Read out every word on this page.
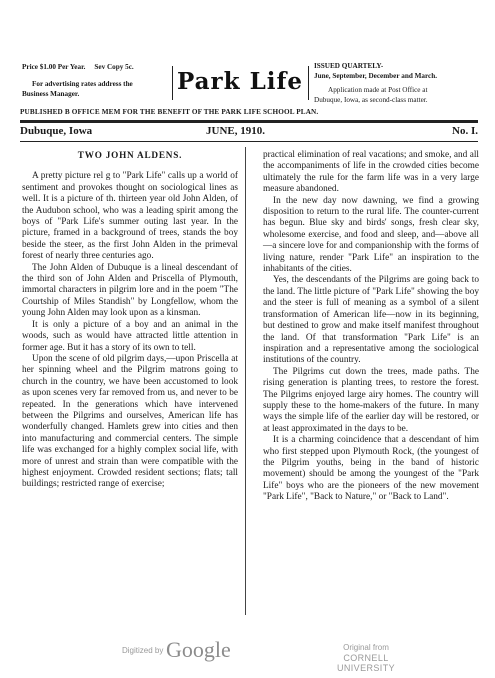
Price $1.00 Per Year. Sev Copy 5c.
For advertising rates address the
Business Manager.	Park Life
ISSUED QUARTELY-
June, September, December and March.
Application made at Post Office at
Dubuque, Iowa, as second-class matter.
PUBLISHED B OFFICE MEM FOR THE BENEFIT OF THE PARK LIFE SCHOOL PLAN.
Dubuque, Iowa	JUNE, 1910.	No. I.
TWO JOHN ALDENS.

A pretty picture rel g to "Park Life" calls up a world of sentiment and provokes thought on sociological lines as well. It is a picture of th. thirteen year old John Alden, of the Audubon school, who was a leading spirit among the boys of "Park Life's summer outing last year. In the picture, framed in a background of trees, stands the boy beside the steer, as the first John Alden in the primeval forest of nearly three centuries ago.

The John Alden of Dubuque is a lineal descendant of the third son of John Alden and Priscella of Plymouth, immortal characters in pilgrim lore and in the poem "The Courtship of Miles Standish" by Longfellow, whom the young John Alden may look upon as a kinsman.

It is only a picture of a boy and an animal in the woods, such as would have attracted little attention in former age. But it has a story of its own to tell.

Upon the scene of old pilgrim days,—upon Priscella at her spinning wheel and the Pilgrim matrons going to church in the country, we have been accustomed to look as upon scenes very far removed from us, and never to be repeated. In the generations which have intervened between the Pilgrims and ourselves, American life has wonderfully changed. Hamlets grew into cities and then into manufacturing and commercial centers. The simple life was exchanged for a highly complex social life, with more of unrest and strain than were compatible with the highest enjoyment. Crowded resident sections; flats; tall buildings; restricted range of exercise;

practical elimination of real vacations; and smoke, and all the accompaniments of life in the crowded cities become ultimately the rule for the farm life was in a very large measure abandoned.

In the new day now dawning, we find a growing disposition to return to the rural life. The counter-current has begun. Blue sky and birds' songs, fresh clear sky, wholesome exercise, and food and sleep, and—above all—a sincere love for and companionship with the forms of living nature, render "Park Life" an inspiration to the inhabitants of the cities.

Yes, the descendants of the Pilgrims are going back to the land. The little picture of "Park Life" showing the boy and the steer is full of meaning as a symbol of a silent transformation of American life—now in its beginning, but destined to grow and make itself manifest throughout the land. Of that transformation "Park Life" is an inspiration and a representative among the sociological institutions of the country.

The Pilgrims cut down the trees, made paths. The rising generation is planting trees, to restore the forest. The Pilgrims enjoyed large airy homes. The country will supply these to the home-makers of the future. In many ways the simple life of the earlier day will be restored, or at least approximated in the days to be.

It is a charming coincidence that a descendant of him who first stepped upon Plymouth Rock, (the youngest of the Pilgrim youths, being in the band of historic movement) should be among the youngest of the "Park Life" boys who are the pioneers of the new movement "Park Life", "Back to Nature," or "Back to Land".

Digitized by Google	Original from
CORNELL UNIVERSITY
